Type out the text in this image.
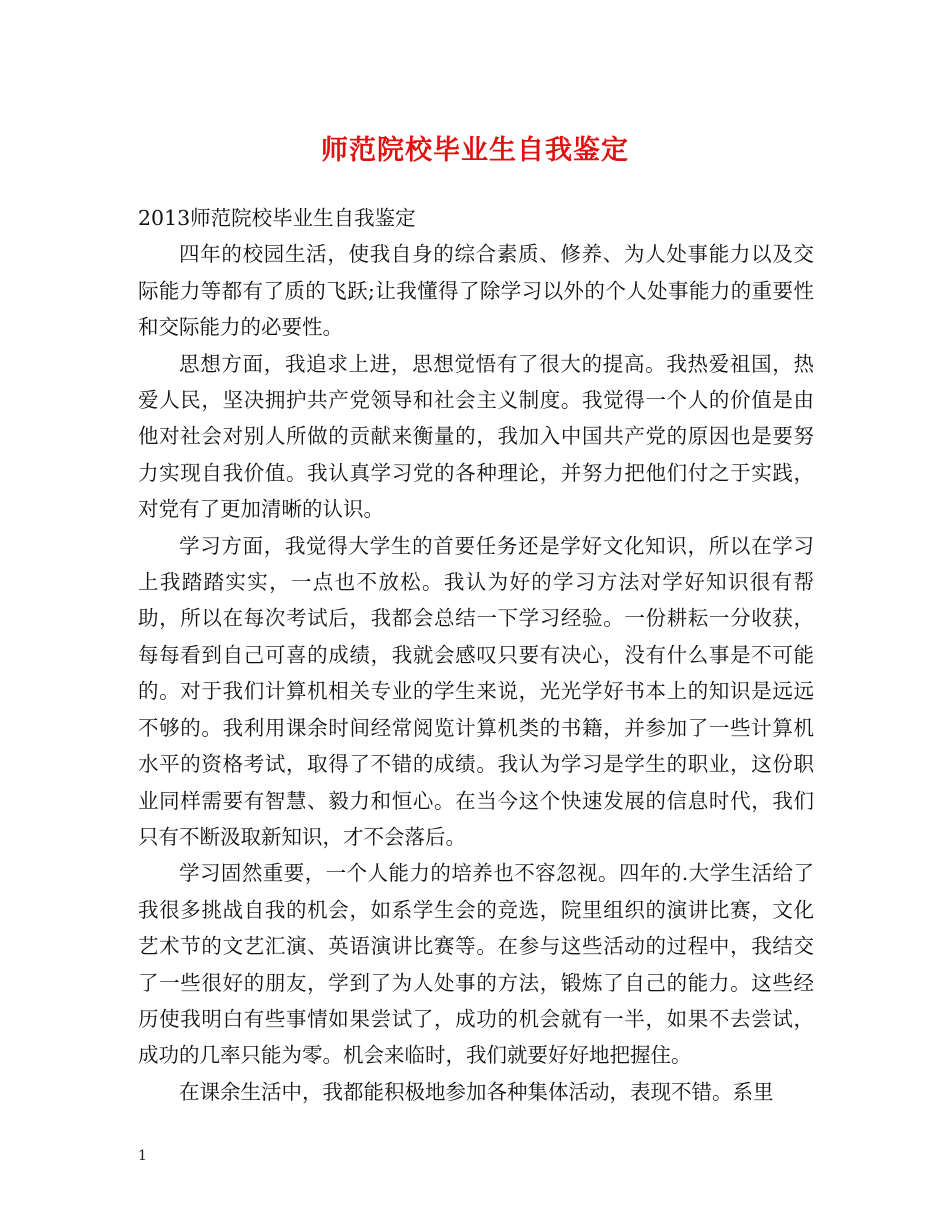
师范院校毕业生自我鉴定

2013师范院校毕业生自我鉴定

四年的校园生活，使我自身的综合素质、修养、为人处事能力以及交际能力等都有了质的飞跃;让我懂得了除学习以外的个人处事能力的重要性和交际能力的必要性。

思想方面，我追求上进，思想觉悟有了很大的提高。我热爱祖国，热爱人民，坚决拥护共产党领导和社会主义制度。我觉得一个人的价值是由他对社会对别人所做的贡献来衡量的，我加入中国共产党的原因也是要努力实现自我价值。我认真学习党的各种理论，并努力把他们付之于实践，对党有了更加清晰的认识。

学习方面，我觉得大学生的首要任务还是学好文化知识，所以在学习上我踏踏实实，一点也不放松。我认为好的学习方法对学好知识很有帮助，所以在每次考试后，我都会总结一下学习经验。一份耕耘一分收获，每每看到自己可喜的成绩，我就会感叹只要有决心，没有什么事是不可能的。对于我们计算机相关专业的学生来说，光光学好书本上的知识是远远不够的。我利用课余时间经常阅览计算机类的书籍，并参加了一些计算机水平的资格考试，取得了不错的成绩。我认为学习是学生的职业，这份职业同样需要有智慧、毅力和恒心。在当今这个快速发展的信息时代，我们只有不断汲取新知识，才不会落后。

学习固然重要，一个人能力的培养也不容忽视。四年的.大学生活给了我很多挑战自我的机会，如系学生会的竞选，院里组织的演讲比赛，文化艺术节的文艺汇演、英语演讲比赛等。在参与这些活动的过程中，我结交了一些很好的朋友，学到了为人处事的方法，锻炼了自己的能力。这些经历使我明白有些事情如果尝试了，成功的机会就有一半，如果不去尝试，成功的几率只能为零。机会来临时，我们就要好好地把握住。

在课余生活中，我都能积极地参加各种集体活动，表现不错。系里

1
